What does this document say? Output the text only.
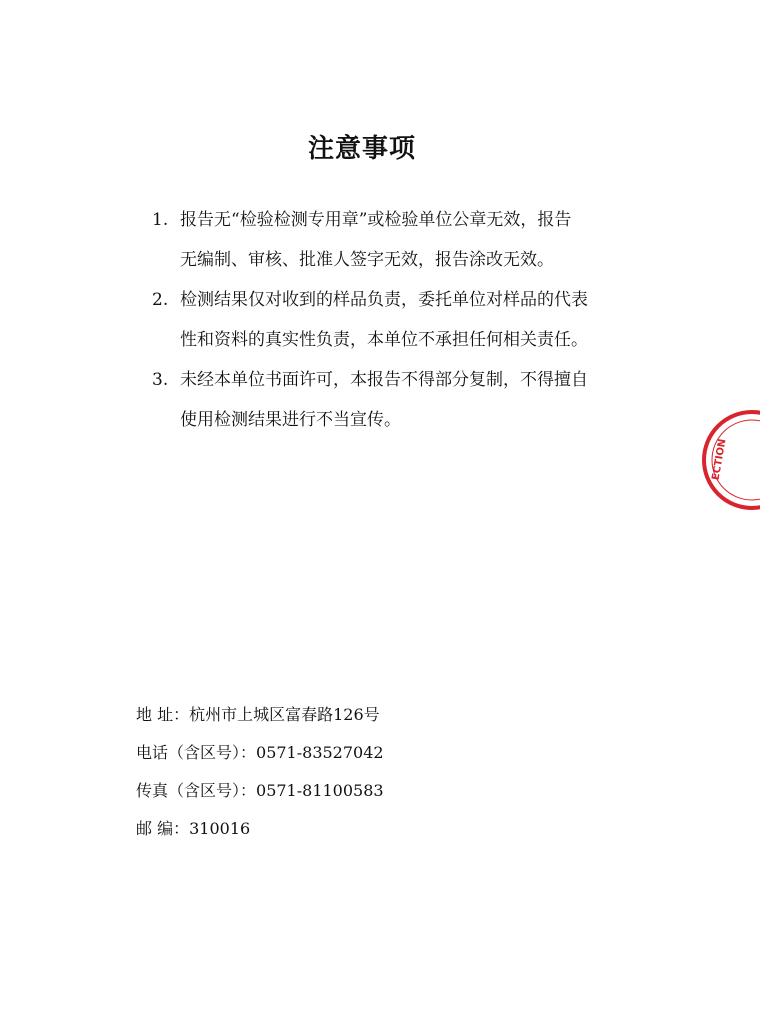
注意事项
1. 报告无“检验检测专用章”或检验单位公章无效，报告
无编制、审核、批准人签字无效，报告涂改无效。
2. 检测结果仅对收到的样品负责，委托单位对样品的代表
性和资料的真实性负责，本单位不承担任何相关责任。
3. 未经本单位书面许可，本报告不得部分复制，不得擅自
使用检测结果进行不当宣传。
地 址：杭州市上城区富春路126号
电话（含区号）：0571-83527042
传真（含区号）：0571-81100583
邮 编：310016
ECTION
